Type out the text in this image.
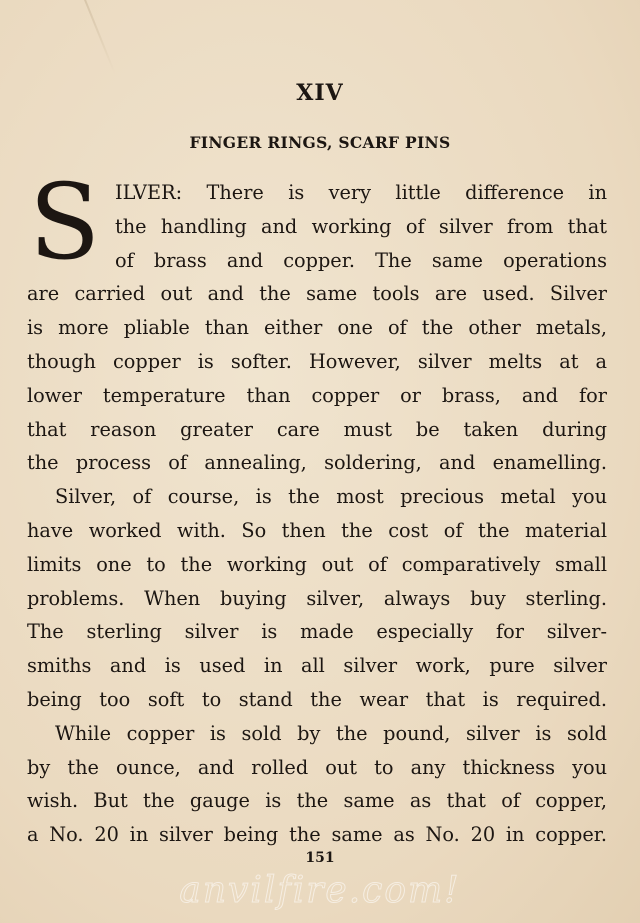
XIV
FINGER RINGS, SCARF PINS
S ILVER: There is very little difference in
the handling and working of silver from that
of brass and copper. The same operations
are carried out and the same tools are used. Silver
is more pliable than either one of the other metals,
though copper is softer. However, silver melts at a
lower temperature than copper or brass, and for
that reason greater care must be taken during
the process of annealing, soldering, and enamelling.
Silver, of course, is the most precious metal you
have worked with. So then the cost of the material
limits one to the working out of comparatively small
problems. When buying silver, always buy sterling.
The sterling silver is made especially for silver-
smiths and is used in all silver work, pure silver
being too soft to stand the wear that is required.
While copper is sold by the pound, silver is sold
by the ounce, and rolled out to any thickness you
wish. But the gauge is the same as that of copper,
a No. 20 in silver being the same as No. 20 in copper.
151
anvilfire.com!
